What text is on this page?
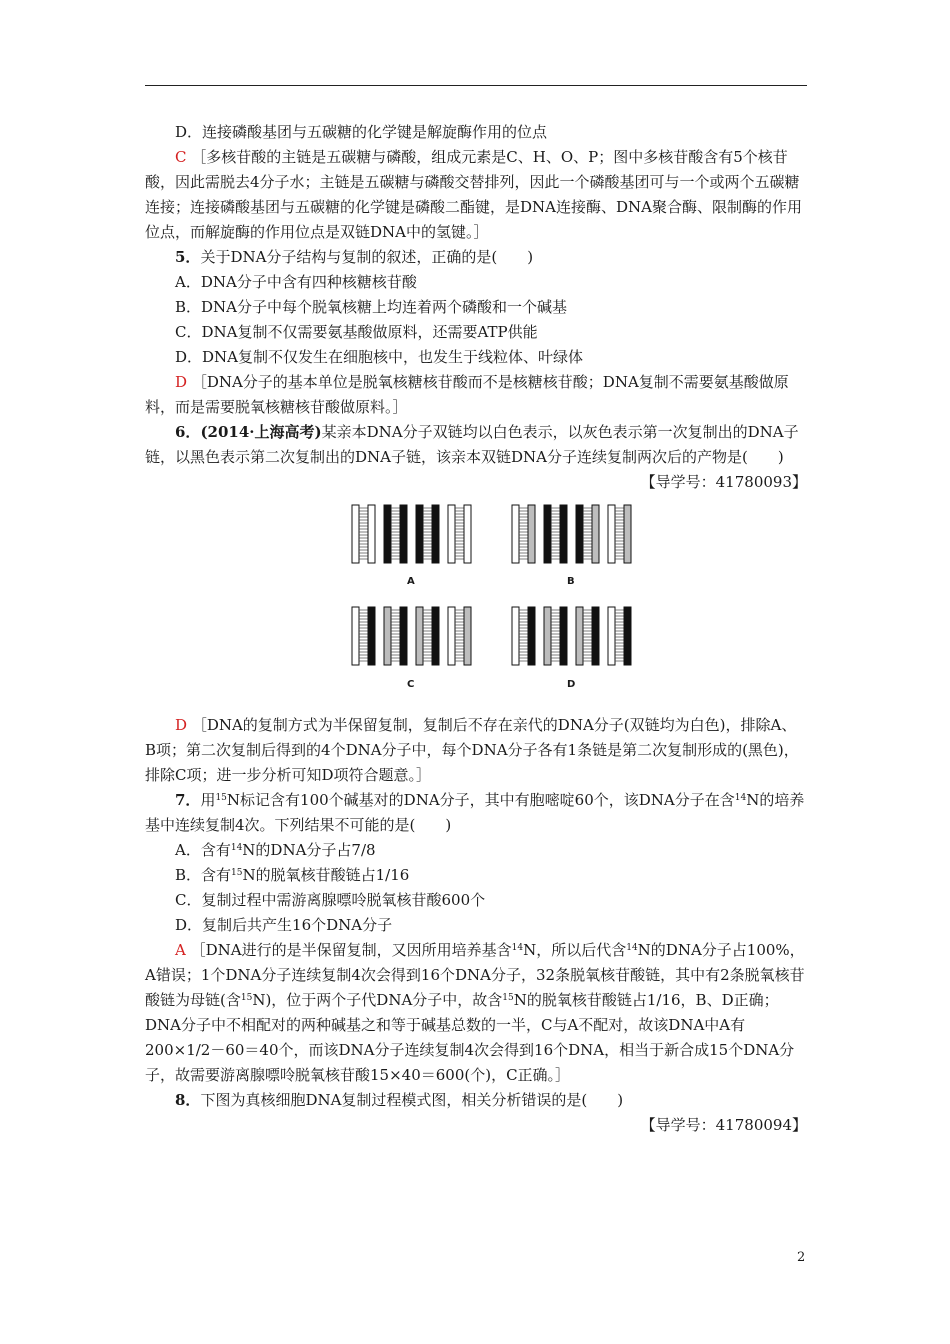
D．连接磷酸基团与五碳糖的化学键是解旋酶作用的位点

C ［多核苷酸的主链是五碳糖与磷酸，组成元素是C、H、O、P；图中多核苷酸含有5个核苷酸，因此需脱去4分子水；主链是五碳糖与磷酸交替排列，因此一个磷酸基团可与一个或两个五碳糖连接；连接磷酸基团与五碳糖的化学键是磷酸二酯键，是DNA连接酶、DNA聚合酶、限制酶的作用位点，而解旋酶的作用位点是双链DNA中的氢键。］

5．关于DNA分子结构与复制的叙述，正确的是(　　)

A．DNA分子中含有四种核糖核苷酸

B．DNA分子中每个脱氧核糖上均连着两个磷酸和一个碱基

C．DNA复制不仅需要氨基酸做原料，还需要ATP供能

D．DNA复制不仅发生在细胞核中，也发生于线粒体、叶绿体

D ［DNA分子的基本单位是脱氧核糖核苷酸而不是核糖核苷酸；DNA复制不需要氨基酸做原料，而是需要脱氧核糖核苷酸做原料。］

6．(2014·上海高考)某亲本DNA分子双链均以白色表示，以灰色表示第一次复制出的DNA子链，以黑色表示第二次复制出的DNA子链，该亲本双链DNA分子连续复制两次后的产物是(　　)

【导学号：41780093】

A	B
C	D

D ［DNA的复制方式为半保留复制，复制后不存在亲代的DNA分子(双链均为白色)，排除A、B项；第二次复制后得到的4个DNA分子中，每个DNA分子各有1条链是第二次复制形成的(黑色)，排除C项；进一步分析可知D项符合题意。］

7．用$^{15}$N标记含有100个碱基对的DNA分子，其中有胞嘧啶60个，该DNA分子在含$^{14}$N的培养基中连续复制4次。下列结果不可能的是(　　)

A．含有$^{14}$N的DNA分子占7/8

B．含有$^{15}$N的脱氧核苷酸链占1/16

C．复制过程中需游离腺嘌呤脱氧核苷酸600个

D．复制后共产生16个DNA分子

A ［DNA进行的是半保留复制，又因所用培养基含$^{14}$N，所以后代含$^{14}$N的DNA分子占100%，A错误；1个DNA分子连续复制4次会得到16个DNA分子，32条脱氧核苷酸链，其中有2条脱氧核苷酸链为母链(含$^{15}$N)，位于两个子代DNA分子中，故含$^{15}$N的脱氧核苷酸链占1/16，B、D正确；DNA分子中不相配对的两种碱基之和等于碱基总数的一半，C与A不配对，故该DNA中A有200×1/2－60＝40个，而该DNA分子连续复制4次会得到16个DNA，相当于新合成15个DNA分子，故需要游离腺嘌呤脱氧核苷酸15×40＝600(个)，C正确。］

8．下图为真核细胞DNA复制过程模式图，相关分析错误的是(　　)

【导学号：41780094】

2
